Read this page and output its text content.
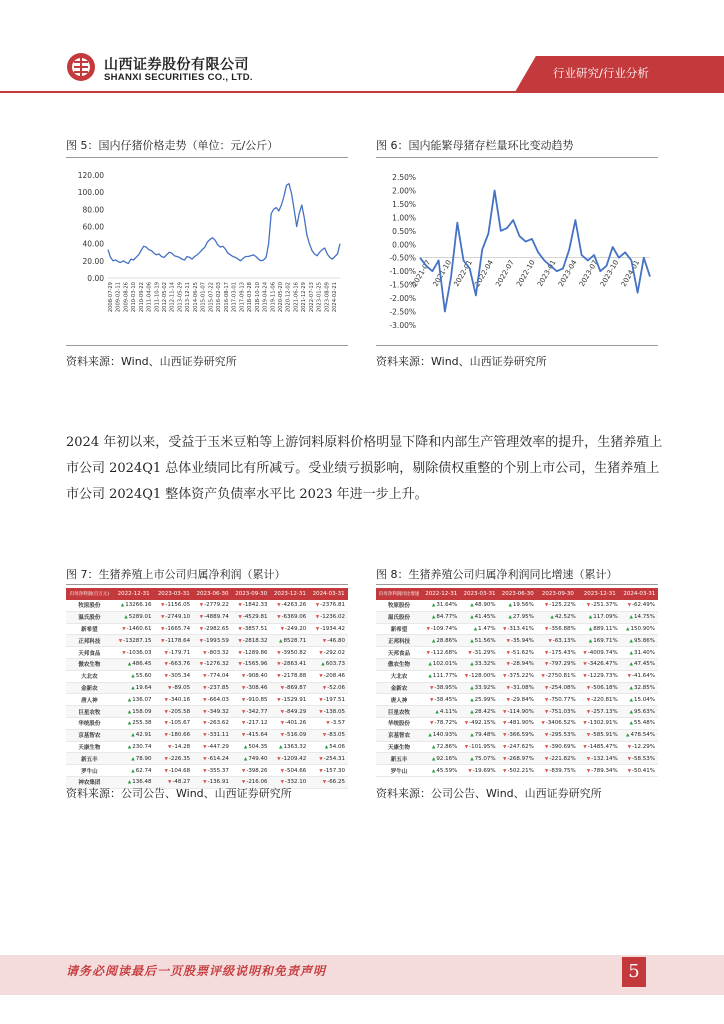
山西证券股份有限公司
SHANXI SECURITIES CO., LTD.	行业研究/行业分析
图 5：国内仔猪价格走势（单位：元/公斤）
0.00
20.00
40.00
60.00
80.00
100.00
120.00
2008-07-29 2009-02-11 2009-08-26 2010-03-10 2010-09-22 2011-04-06 2011-10-19 2012-05-02 2012-11-14 2013-05-29 2013-12-11 2014-06-25 2015-01-07 2015-07-22 2016-02-03 2016-08-17 2017-03-01 2017-09-13 2018-03-28 2018-10-10 2019-04-24 2019-11-06 2020-05-20 2020-12-02 2021-06-16 2021-12-29 2022-07-13 2023-01-25 2023-08-09 2024-02-21
资料来源：Wind、山西证券研究所
图 6：国内能繁母猪存栏量环比变动趋势
2.50%
2.00%
1.50%
1.00%
0.50%
0.00%
-0.50%
-1.00%
-1.50%
-2.00%
-2.50%
-3.00%
2021-07 2021-10 2022-01 2022-04 2022-07 2022-10 2023-01 2023-04 2023-07 2023-10 2024-01
资料来源：Wind、山西证券研究所

2024 年初以来，受益于玉米豆粕等上游饲料原料价格明显下降和内部生产管理效率的提升，生猪养殖上市公司 2024Q1 总体业绩同比有所减亏。受业绩亏损影响，剔除债权重整的个别上市公司，生猪养殖上市公司 2024Q1 整体资产负债率水平比 2023 年进一步上升。

图 7：生猪养殖上市公司归属净利润（累计）
归母净利润(百万元)	2022-12-31	2023-03-31	2023-06-30	2023-09-30	2023-12-31	2024-03-31
牧原股份	▲13266.16	▼-1156.05	▼-2779.22	▼-1842.33	▼-4263.26	▼-2376.81
温氏股份	▲5289.01	▼-2749.10	▼-4889.74	▼-4529.81	▼-6369.06	▼-1236.02
新希望	▼-1460.61	▼-1665.74	▼-2982.65	▼-3857.51	▼-249.20	▼-1934.42
正邦科技	▼-13287.15	▼-1178.64	▼-1993.59	▼-2818.32	▲8528.71	▼-46.80
天邦食品	▼-1036.03	▼-179.71	▼-803.32	▼-1289.86	▼-3950.82	▼-292.02
傲农生物	▲486.45	▼-663.76	▼-1276.32	▼-1565.96	▼-2863.41	▲603.73
大北农	▲55.60	▼-305.34	▼-774.04	▼-908.40	▼-2178.88	▼-208.46
金新农	▲19.64	▼-89.05	▼-237.85	▼-308.46	▼-869.87	▼-52.06
唐人神	▲136.07	▼-340.16	▼-664.03	▼-910.85	▼-1529.91	▼-197.51
巨星农牧	▲158.09	▼-205.58	▼-349.32	▼-342.77	▼-849.29	▼-138.05
华统股份	▲255.38	▼-105.67	▼-263.62	▼-217.12	▼-401.26	▼-3.57
京基智农	▲42.91	▼-180.66	▼-331.11	▼-415.64	▼-516.09	▼-83.05
天康生物	▲230.74	▼-14.28	▼-447.29	▲504.35	▲1363.32	▲54.06
新五丰	▲78.90	▼-226.35	▼-614.24	▲749.40	▼-1209.42	▼-254.31
罗牛山	▲62.74	▼-104.68	▼-355.37	▼-398.26	▼-504.66	▼-157.30
神农集团	▲136.48	▼-48.27	▼-136.91	▼-216.06	▼-332.10	▼-66.25
资料来源：公司公告、Wind、山西证券研究所
图 8：生猪养殖公司归属净利润同比增速（累计）
归母净利润同比增速	2022-12-31	2023-03-31	2023-06-30	2023-09-30	2023-12-31	2024-03-31
牧原股份	▲31.64%	▲48.90%	▲19.56%	▼-125.22%	▼-251.37%	▼-62.49%
温氏股份	▲84.77%	▲41.45%	▲27.95%	▲42.52%	▲117.09%	▲14.75%
新希望	▼-109.74%	▲1.47%	▼-313.41%	▼-356.88%	▲889.11%	▲150.90%
正邦科技	▲28.86%	▲51.56%	▼-35.94%	▼-63.13%	▲169.71%	▲95.86%
天邦食品	▼-112.68%	▼-31.29%	▼-51.62%	▼-175.43%	▼-4009.74%	▲31.40%
傲农生物	▲102.01%	▲33.32%	▼-28.94%	▼-797.29%	▼-3426.47%	▲47.45%
大北农	▲111.77%	▼-128.00%	▼-375.22%	▼-2750.81%	▼-1229.73%	▼-41.64%
金新农	▼-38.95%	▲33.92%	▼-31.08%	▼-254.08%	▼-506.18%	▲32.85%
唐人神	▼-38.45%	▲25.99%	▼-29.84%	▼-750.77%	▼-220.81%	▲15.04%
巨星农牧	▲4.11%	▲28.42%	▼-114.90%	▼-751.03%	▼-257.13%	▲95.63%
华统股份	▼-78.72%	▼-492.15%	▼-481.90%	▼-3406.52%	▼-1302.91%	▲55.48%
京基智农	▲140.93%	▲79.48%	▼-366.59%	▼-295.53%	▼-585.91%	▲478.54%
天康生物	▲72.86%	▼-101.95%	▼-247.62%	▼-390.69%	▼-1485.47%	▼-12.29%
新五丰	▲92.16%	▲75.07%	▼-268.97%	▼-221.82%	▼-132.14%	▼-58.53%
罗牛山	▲45.59%	▼-19.69%	▼-502.21%	▼-839.75%	▼-789.34%	▼-50.41%
资料来源：公司公告、Wind、山西证券研究所
请务必阅读最后一页股票评级说明和免责声明	5
